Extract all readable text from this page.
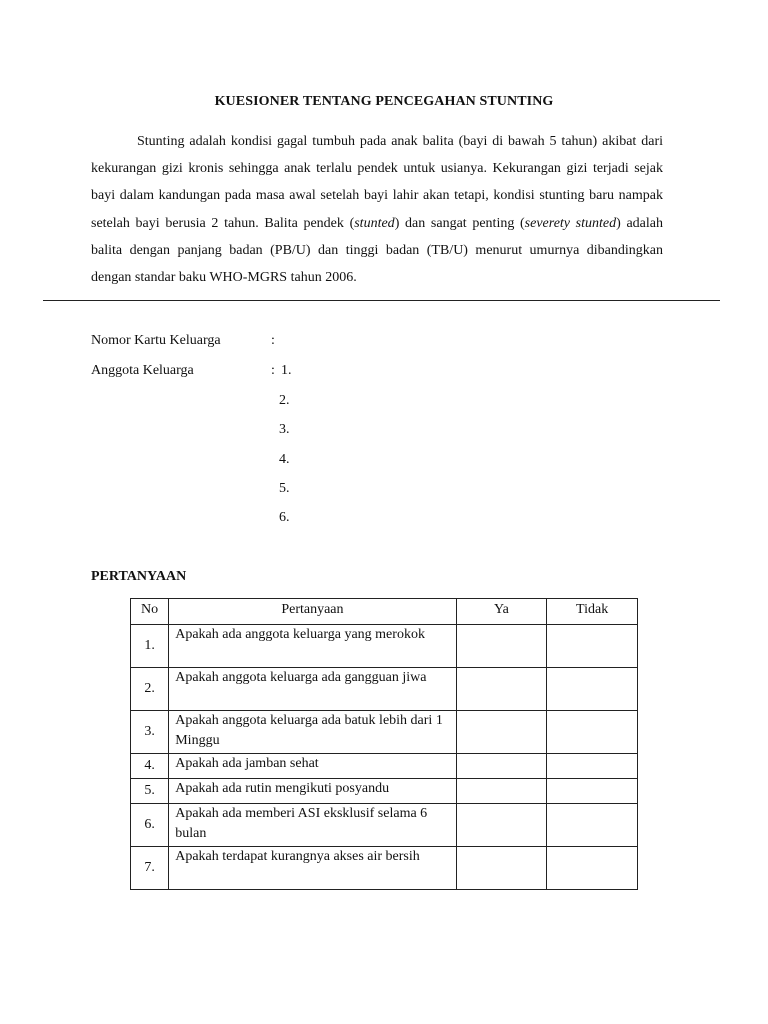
KUESIONER TENTANG PENCEGAHAN STUNTING
Stunting adalah kondisi gagal tumbuh pada anak balita (bayi di bawah 5 tahun) akibat dari kekurangan gizi kronis sehingga anak terlalu pendek untuk usianya. Kekurangan gizi terjadi sejak bayi dalam kandungan pada masa awal setelah bayi lahir akan tetapi, kondisi stunting baru nampak setelah bayi berusia 2 tahun. Balita pendek (stunted) dan sangat penting (severety stunted) adalah balita dengan panjang badan (PB/U) dan tinggi badan (TB/U) menurut umurnya dibandingkan dengan standar baku WHO-MGRS tahun 2006.
Nomor Kartu Keluarga	:
Anggota Keluarga	: 1.
2.
3.
4.
5.
6.
PERTANYAAN
No	Pertanyaan	Ya	Tidak
1.	Apakah ada anggota keluarga yang merokok		
2.	Apakah anggota keluarga ada gangguan jiwa		
3.	Apakah anggota keluarga ada batuk lebih dari 1 Minggu		
4.	Apakah ada jamban sehat		
5.	Apakah ada rutin mengikuti posyandu		
6.	Apakah ada memberi ASI eksklusif selama 6 bulan		
7.	Apakah terdapat kurangnya akses air bersih		
